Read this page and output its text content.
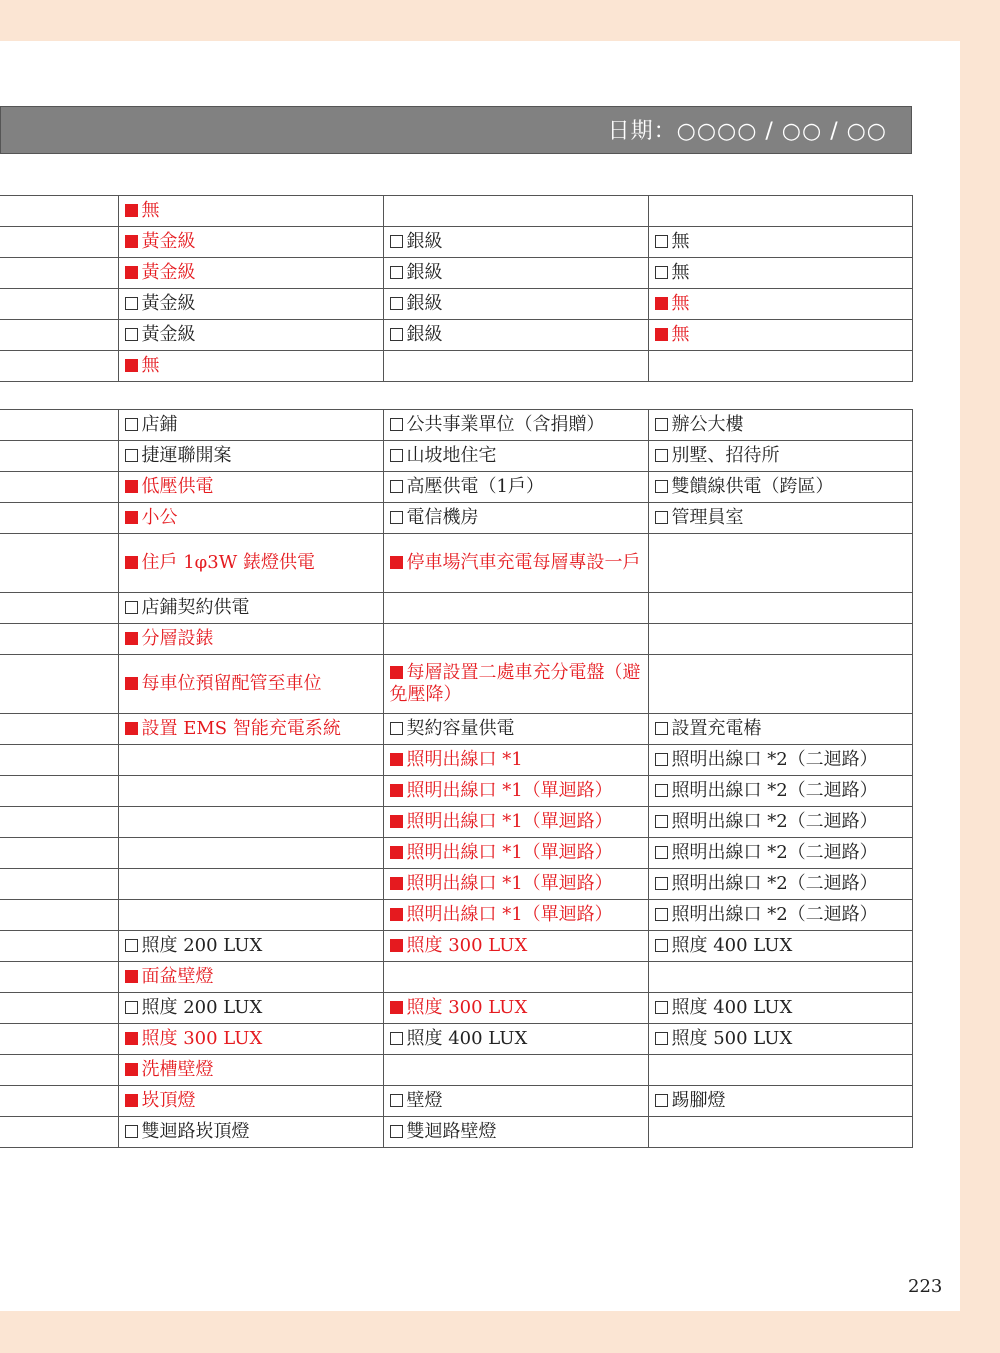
日期：○○○○ / ○○ / ○○
	無		
	黃金級	銀級	無
	黃金級	銀級	無
	黃金級	銀級	無
	黃金級	銀級	無
	無		
	店鋪	公共事業單位（含捐贈）	辦公大樓
	捷運聯開案	山坡地住宅	別墅、招待所
	低壓供電	高壓供電（1戶）	雙饋線供電（跨區）
	小公	電信機房	管理員室
	住戶 1φ3W 錶燈供電	停車場汽車充電每層專設一戶	
	店鋪契約供電		
	分層設錶		
	每車位預留配管至車位	每層設置二處車充分電盤（避免壓降）	
	設置 EMS 智能充電系統	契約容量供電	設置充電樁
		照明出線口 *1	照明出線口 *2（二迴路）
		照明出線口 *1（單迴路）	照明出線口 *2（二迴路）
		照明出線口 *1（單迴路）	照明出線口 *2（二迴路）
		照明出線口 *1（單迴路）	照明出線口 *2（二迴路）
		照明出線口 *1（單迴路）	照明出線口 *2（二迴路）
		照明出線口 *1（單迴路）	照明出線口 *2（二迴路）
	照度 200 LUX	照度 300 LUX	照度 400 LUX
	面盆壁燈		
	照度 200 LUX	照度 300 LUX	照度 400 LUX
	照度 300 LUX	照度 400 LUX	照度 500 LUX
	洗槽壁燈		
	崁頂燈	壁燈	踢腳燈
	雙迴路崁頂燈	雙迴路壁燈	
223
